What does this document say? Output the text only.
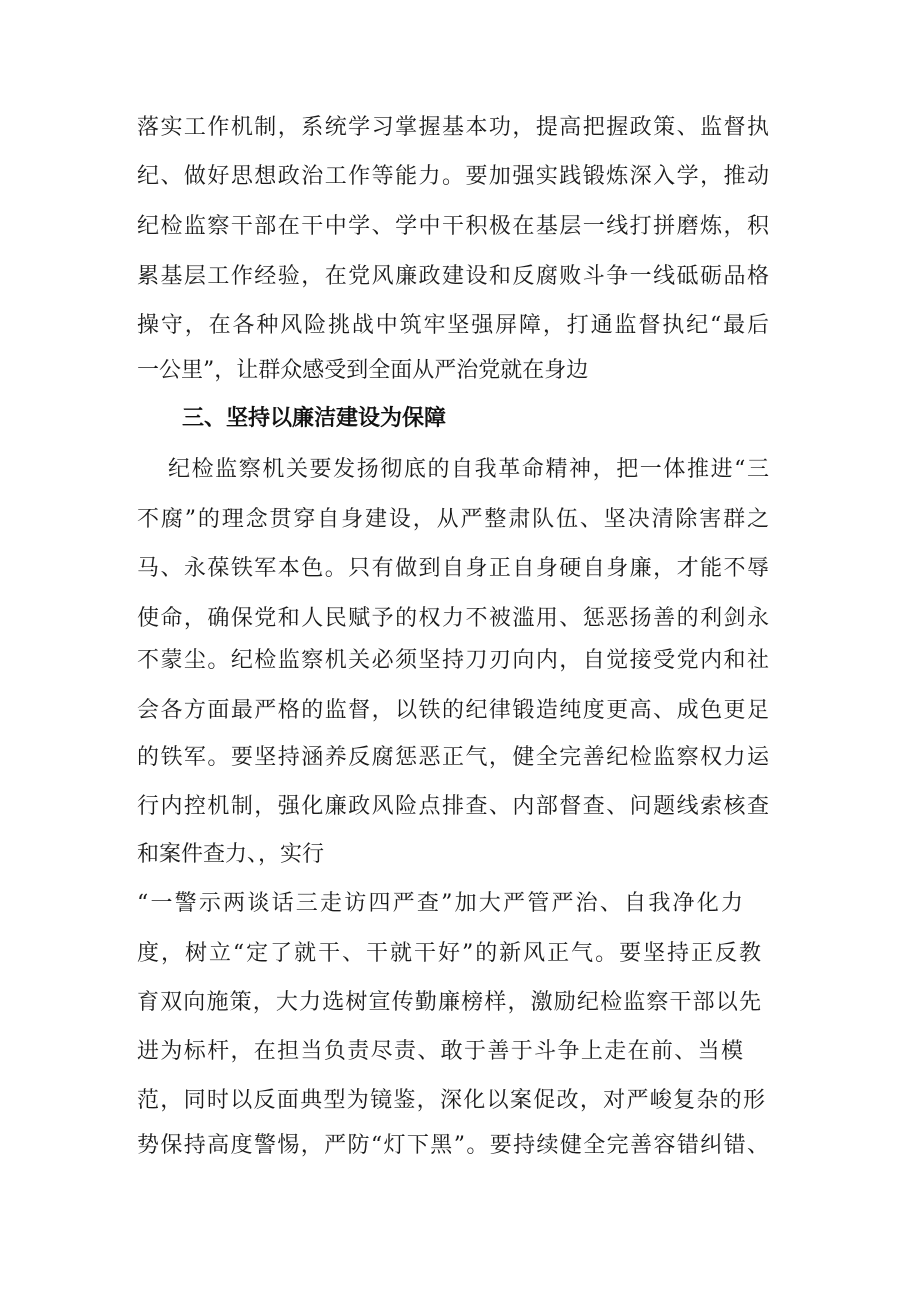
落实工作机制，系统学习掌握基本功，提高把握政策、监督执
纪、做好思想政治工作等能力。要加强实践锻炼深入学，推动
纪检监察干部在干中学、学中干积极在基层一线打拼磨炼，积
累基层工作经验，在党风廉政建设和反腐败斗争一线砥砺品格
操守，在各种风险挑战中筑牢坚强屏障，打通监督执纪“最后
一公里”，让群众感受到全面从严治党就在身边
三、坚持以廉洁建设为保障
纪检监察机关要发扬彻底的自我革命精神，把一体推进“三
不腐”的理念贯穿自身建设，从严整肃队伍、坚决清除害群之
马、永葆铁军本色。只有做到自身正自身硬自身廉，才能不辱
使命，确保党和人民赋予的权力不被滥用、惩恶扬善的利剑永
不蒙尘。纪检监察机关必须坚持刀刃向内，自觉接受党内和社
会各方面最严格的监督，以铁的纪律锻造纯度更高、成色更足
的铁军。要坚持涵养反腐惩恶正气，健全完善纪检监察权力运
行内控机制，强化廉政风险点排查、内部督查、问题线索核查
和案件查力、，实行
“一警示两谈话三走访四严查”加大严管严治、自我净化力
度，树立“定了就干、干就干好”的新风正气。要坚持正反教
育双向施策，大力选树宣传勤廉榜样，激励纪检监察干部以先
进为标杆，在担当负责尽责、敢于善于斗争上走在前、当模
范，同时以反面典型为镜鉴，深化以案促改，对严峻复杂的形
势保持高度警惕，严防“灯下黑”。要持续健全完善容错纠错、
